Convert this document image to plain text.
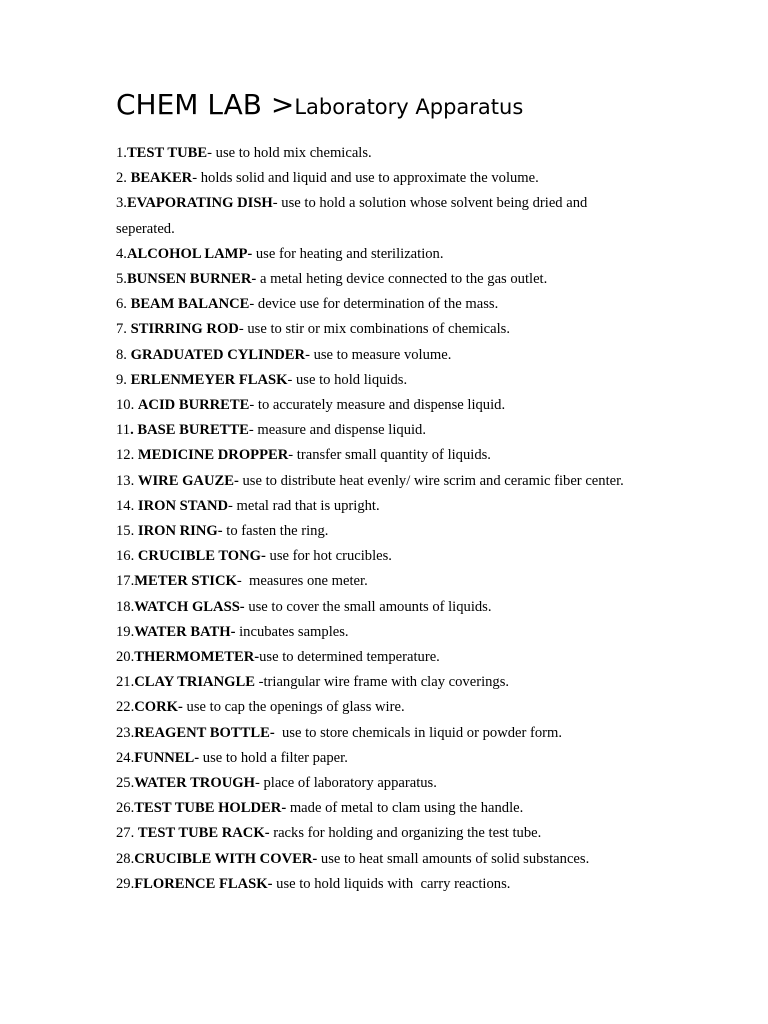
CHEM LAB >Laboratory Apparatus
1.TEST TUBE- use to hold mix chemicals.
2. BEAKER- holds solid and liquid and use to approximate the volume.
3.EVAPORATING DISH- use to hold a solution whose solvent being dried and seperated.
4.ALCOHOL LAMP- use for heating and sterilization.
5.BUNSEN BURNER- a metal heting device connected to the gas outlet.
6. BEAM BALANCE- device use for determination of the mass.
7. STIRRING ROD- use to stir or mix combinations of chemicals.
8. GRADUATED CYLINDER- use to measure volume.
9. ERLENMEYER FLASK- use to hold liquids.
10. ACID BURRETE- to accurately measure and dispense liquid.
11. BASE BURETTE- measure and dispense liquid.
12. MEDICINE DROPPER- transfer small quantity of liquids.
13. WIRE GAUZE- use to distribute heat evenly/ wire scrim and ceramic fiber center.
14. IRON STAND- metal rad that is upright.
15. IRON RING- to fasten the ring.
16. CRUCIBLE TONG- use for hot crucibles.
17.METER STICK-  measures one meter.
18.WATCH GLASS- use to cover the small amounts of liquids.
19.WATER BATH- incubates samples.
20.THERMOMETER-use to determined temperature.
21.CLAY TRIANGLE -triangular wire frame with clay coverings.
22.CORK- use to cap the openings of glass wire.
23.REAGENT BOTTLE-  use to store chemicals in liquid or powder form.
24.FUNNEL- use to hold a filter paper.
25.WATER TROUGH- place of laboratory apparatus.
26.TEST TUBE HOLDER- made of metal to clam using the handle.
27. TEST TUBE RACK- racks for holding and organizing the test tube.
28.CRUCIBLE WITH COVER- use to heat small amounts of solid substances.
29.FLORENCE FLASK- use to hold liquids with  carry reactions.
